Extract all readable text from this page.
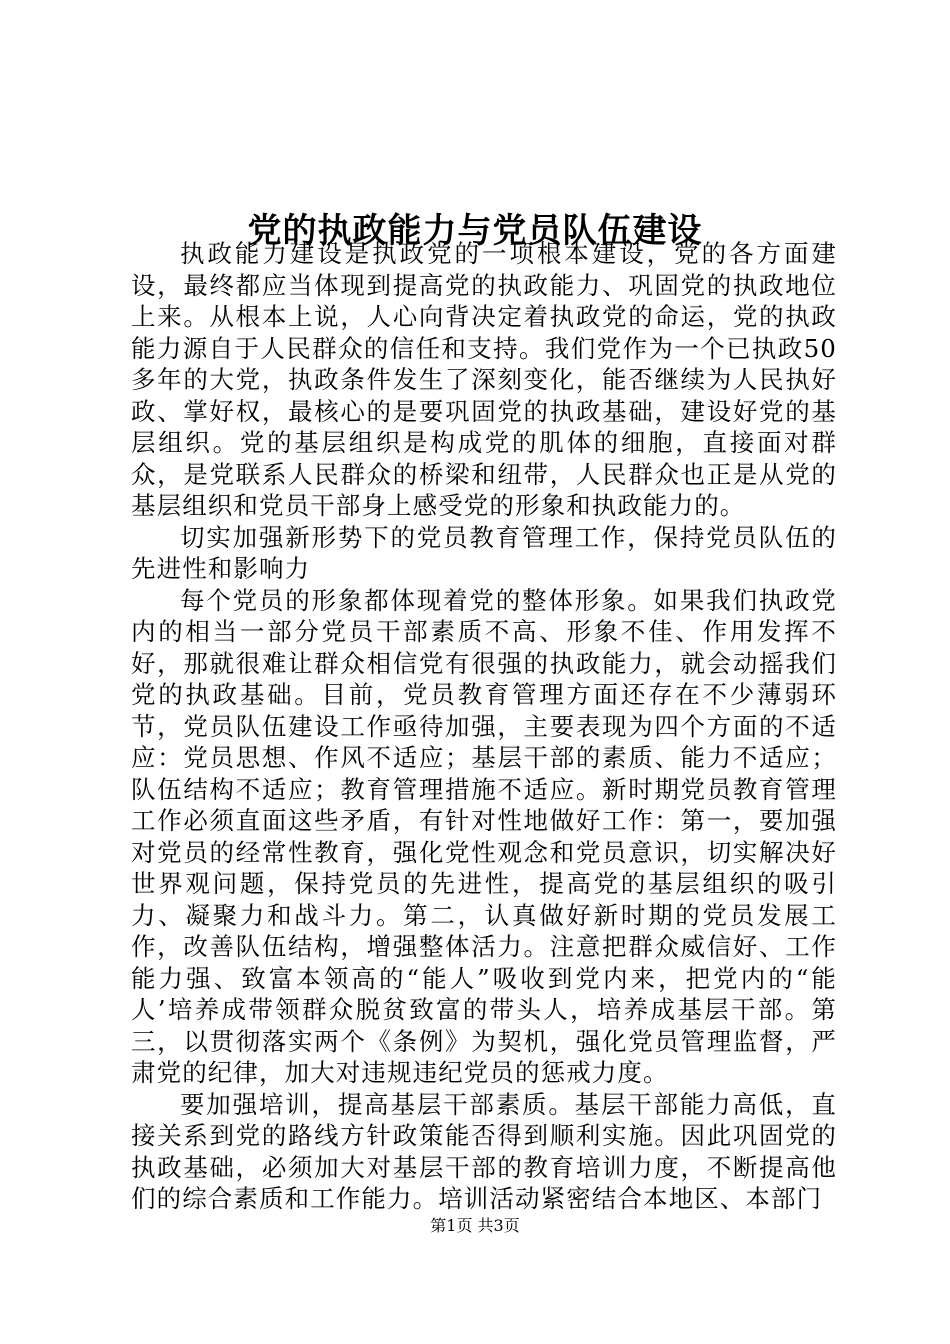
党的执政能力与党员队伍建设

执政能力建设是执政党的一项根本建设，党的各方面建设，最终都应当体现到提高党的执政能力、巩固党的执政地位上来。从根本上说，人心向背决定着执政党的命运，党的执政能力源自于人民群众的信任和支持。我们党作为一个已执政50多年的大党，执政条件发生了深刻变化，能否继续为人民执好政、掌好权，最核心的是要巩固党的执政基础，建设好党的基层组织。党的基层组织是构成党的肌体的细胞，直接面对群众，是党联系人民群众的桥梁和纽带，人民群众也正是从党的基层组织和党员干部身上感受党的形象和执政能力的。

切实加强新形势下的党员教育管理工作，保持党员队伍的先进性和影响力

每个党员的形象都体现着党的整体形象。如果我们执政党内的相当一部分党员干部素质不高、形象不佳、作用发挥不好，那就很难让群众相信党有很强的执政能力，就会动摇我们党的执政基础。目前，党员教育管理方面还存在不少薄弱环节，党员队伍建设工作亟待加强，主要表现为四个方面的不适应：党员思想、作风不适应；基层干部的素质、能力不适应；队伍结构不适应；教育管理措施不适应。新时期党员教育管理工作必须直面这些矛盾，有针对性地做好工作：第一，要加强对党员的经常性教育，强化党性观念和党员意识，切实解决好世界观问题，保持党员的先进性，提高党的基层组织的吸引力、凝聚力和战斗力。第二，认真做好新时期的党员发展工作，改善队伍结构，增强整体活力。注意把群众威信好、工作能力强、致富本领高的“能人”吸收到党内来，把党内的“能人’培养成带领群众脱贫致富的带头人，培养成基层干部。第三，以贯彻落实两个《条例》为契机，强化党员管理监督，严肃党的纪律，加大对违规违纪党员的惩戒力度。

要加强培训，提高基层干部素质。基层干部能力高低，直接关系到党的路线方针政策能否得到顺利实施。因此巩固党的执政基础，必须加大对基层干部的教育培训力度，不断提高他们的综合素质和工作能力。培训活动紧密结合本地区、本部门

第1页 共3页
